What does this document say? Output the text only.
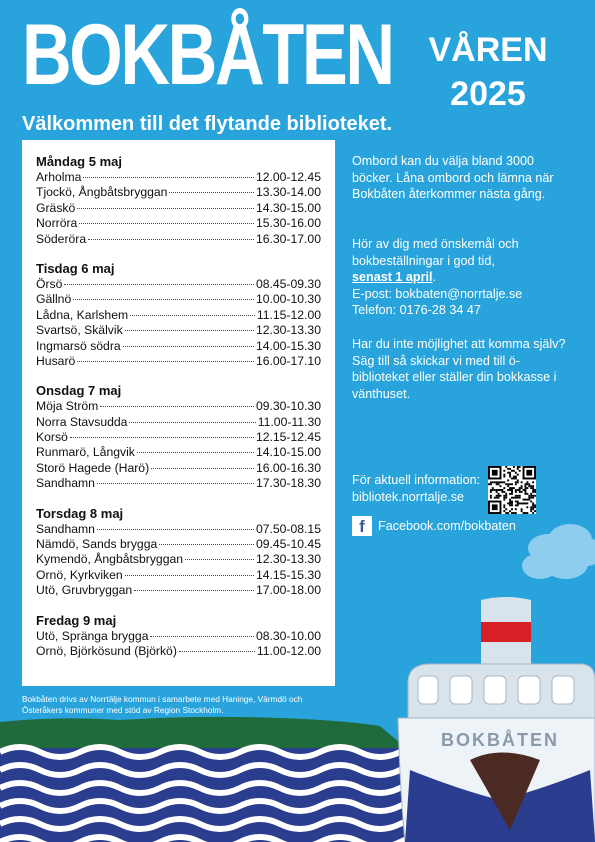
BOKBÅTEN
BOKBÅTEN VÅREN
2025
Välkommen till det flytande biblioteket.
Måndag 5 maj
Arholma	12.00-12.45
Tjockö, Ångbåtsbryggan	13.30-14.00
Gräskö	14.30-15.00
Norröra	15.30-16.00
Söderöra	16.30-17.00
Tisdag 6 maj
Örsö	08.45-09.30
Gällnö	10.00-10.30
Lådna, Karlshem	11.15-12.00
Svartsö, Skälvik	12.30-13.30
Ingmarsö södra	14.00-15.30
Husarö	16.00-17.10
Onsdag 7 maj
Möja Ström	09.30-10.30
Norra Stavsudda	11.00-11.30
Korsö	12.15-12.45
Runmarö, Långvik	14.10-15.00
Storö Hagede (Harö)	16.00-16.30
Sandhamn	17.30-18.30
Torsdag 8 maj
Sandhamn	07.50-08.15
Nämdö, Sands brygga	09.45-10.45
Kymendö, Ångbåtsbryggan	12.30-13.30
Ornö, Kyrkviken	14.15-15.30
Utö, Gruvbryggan	17.00-18.00
Fredag 9 maj
Utö, Spränga brygga	08.30-10.00
Ornö, Björkösund (Björkö)	11.00-12.00

Ombord kan du välja bland 3000 böcker. Låna ombord och lämna när Bokbåten återkommer nästa gång.

Hör av dig med önskemål och bokbeställningar i god tid,
senast 1 april.

E-post: bokbaten@norrtalje.se

Telefon: 0176-28 34 47

Har du inte möjlighet att komma själv? Säg till så skickar vi med till ö-biblioteket eller ställer din bokkasse i vänthuset.

För aktuell information:

bibliotek.norrtalje.se

f	Facebook.com/bokbaten
Bokbåten drivs av Norrtälje kommun i samarbete med Haninge, Värmdö och Österåkers kommuner med stöd av Region Stockholm.
